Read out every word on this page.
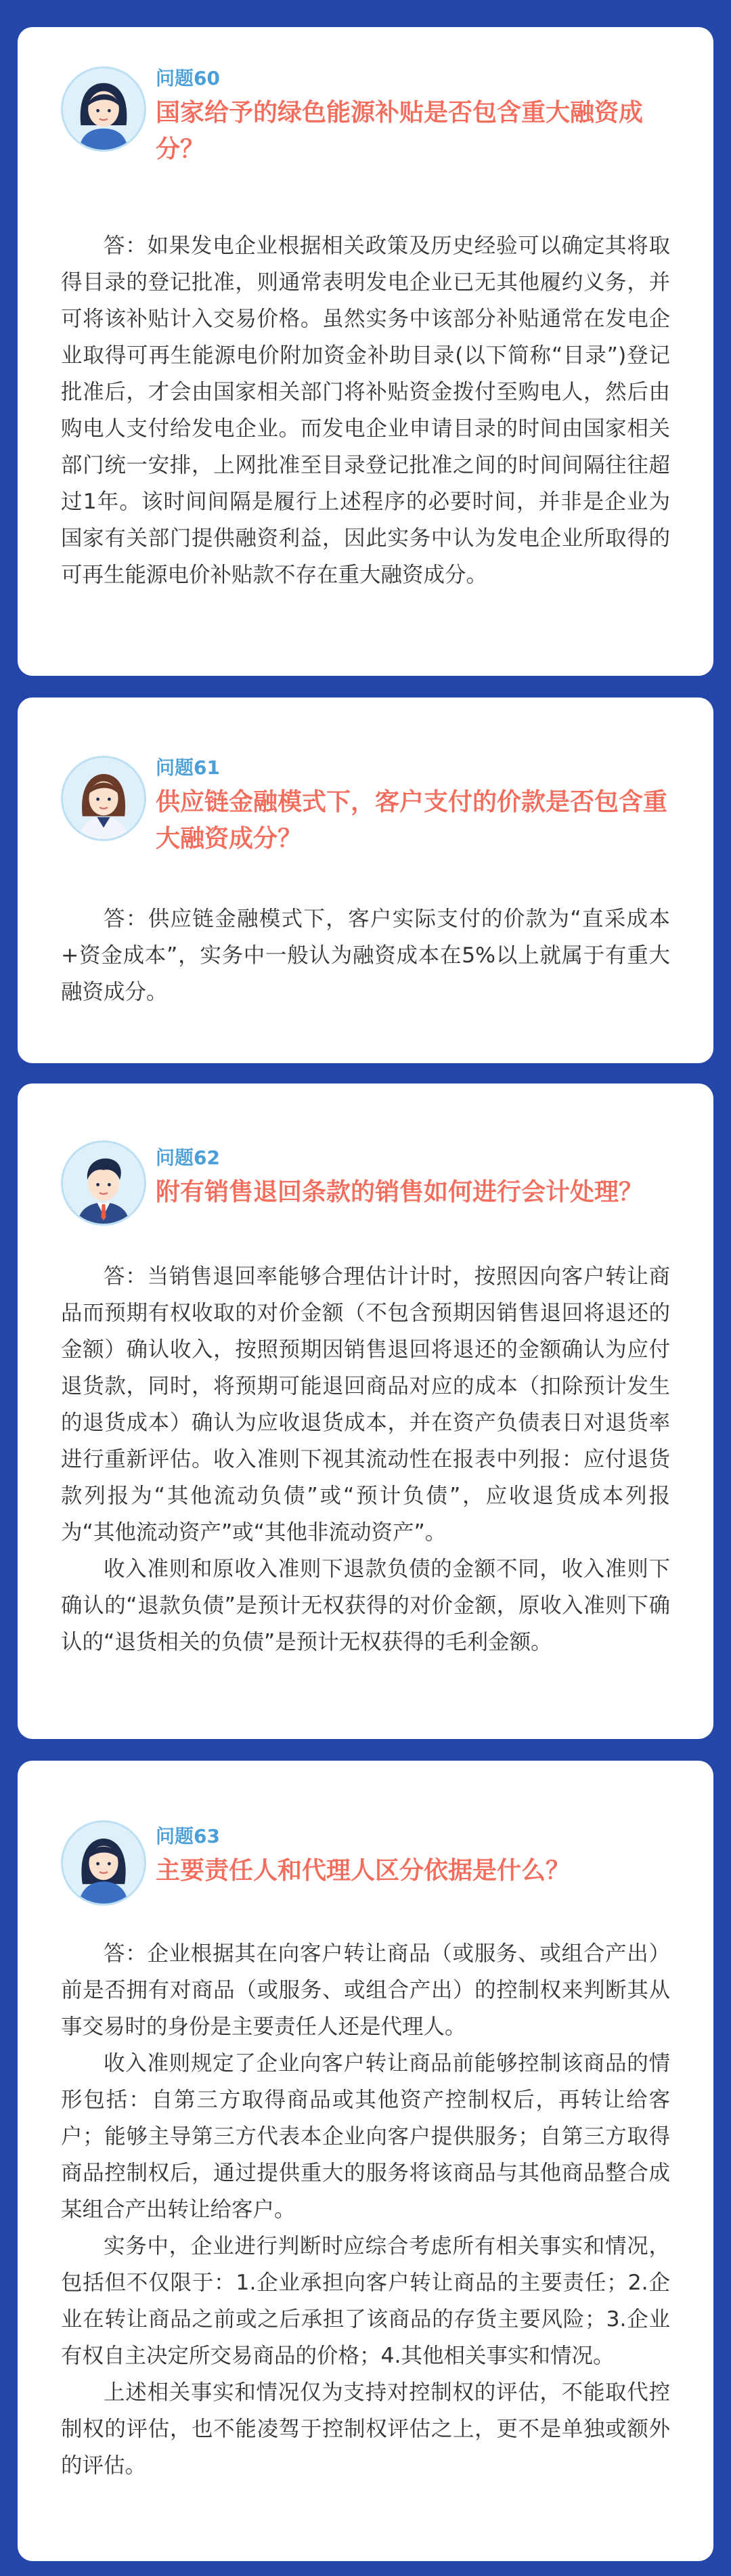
问题60
国家给予的绿色能源补贴是否包含重大融资成分？

答：如果发电企业根据相关政策及历史经验可以确定其将取得目录的登记批准，则通常表明发电企业已无其他履约义务，并可将该补贴计入交易价格。虽然实务中该部分补贴通常在发电企业取得可再生能源电价附加资金补助目录(以下简称“目录”)登记批准后，才会由国家相关部门将补贴资金拨付至购电人，然后由购电人支付给发电企业。而发电企业申请目录的时间由国家相关部门统一安排，上网批准至目录登记批准之间的时间间隔往往超过1年。该时间间隔是履行上述程序的必要时间，并非是企业为国家有关部门提供融资利益，因此实务中认为发电企业所取得的可再生能源电价补贴款不存在重大融资成分。

问题61
供应链金融模式下，客户支付的价款是否包含重大融资成分？

答：供应链金融模式下，客户实际支付的价款为“直采成本+资金成本”，实务中一般认为融资成本在5%以上就属于有重大融资成分。

问题62
附有销售退回条款的销售如何进行会计处理？

答：当销售退回率能够合理估计计时，按照因向客户转让商品而预期有权收取的对价金额（不包含预期因销售退回将退还的金额）确认收入，按照预期因销售退回将退还的金额确认为应付退货款，同时，将预期可能退回商品对应的成本（扣除预计发生的退货成本）确认为应收退货成本，并在资产负债表日对退货率进行重新评估。收入准则下视其流动性在报表中列报：应付退货款列报为“其他流动负债”或“预计负债”，应收退货成本列报为“其他流动资产”或“其他非流动资产”。

收入准则和原收入准则下退款负债的金额不同，收入准则下确认的“退款负债”是预计无权获得的对价金额，原收入准则下确认的“退货相关的负债”是预计无权获得的毛利金额。

问题63
主要责任人和代理人区分依据是什么？

答：企业根据其在向客户转让商品（或服务、或组合产出）前是否拥有对商品（或服务、或组合产出）的控制权来判断其从事交易时的身份是主要责任人还是代理人。

收入准则规定了企业向客户转让商品前能够控制该商品的情形包括：自第三方取得商品或其他资产控制权后，再转让给客户；能够主导第三方代表本企业向客户提供服务；自第三方取得商品控制权后，通过提供重大的服务将该商品与其他商品整合成某组合产出转让给客户。

实务中，企业进行判断时应综合考虑所有相关事实和情况，包括但不仅限于：1.企业承担向客户转让商品的主要责任；2.企业在转让商品之前或之后承担了该商品的存货主要风险；3.企业有权自主决定所交易商品的价格；4.其他相关事实和情况。

上述相关事实和情况仅为支持对控制权的评估，不能取代控制权的评估，也不能凌驾于控制权评估之上，更不是单独或额外的评估。
